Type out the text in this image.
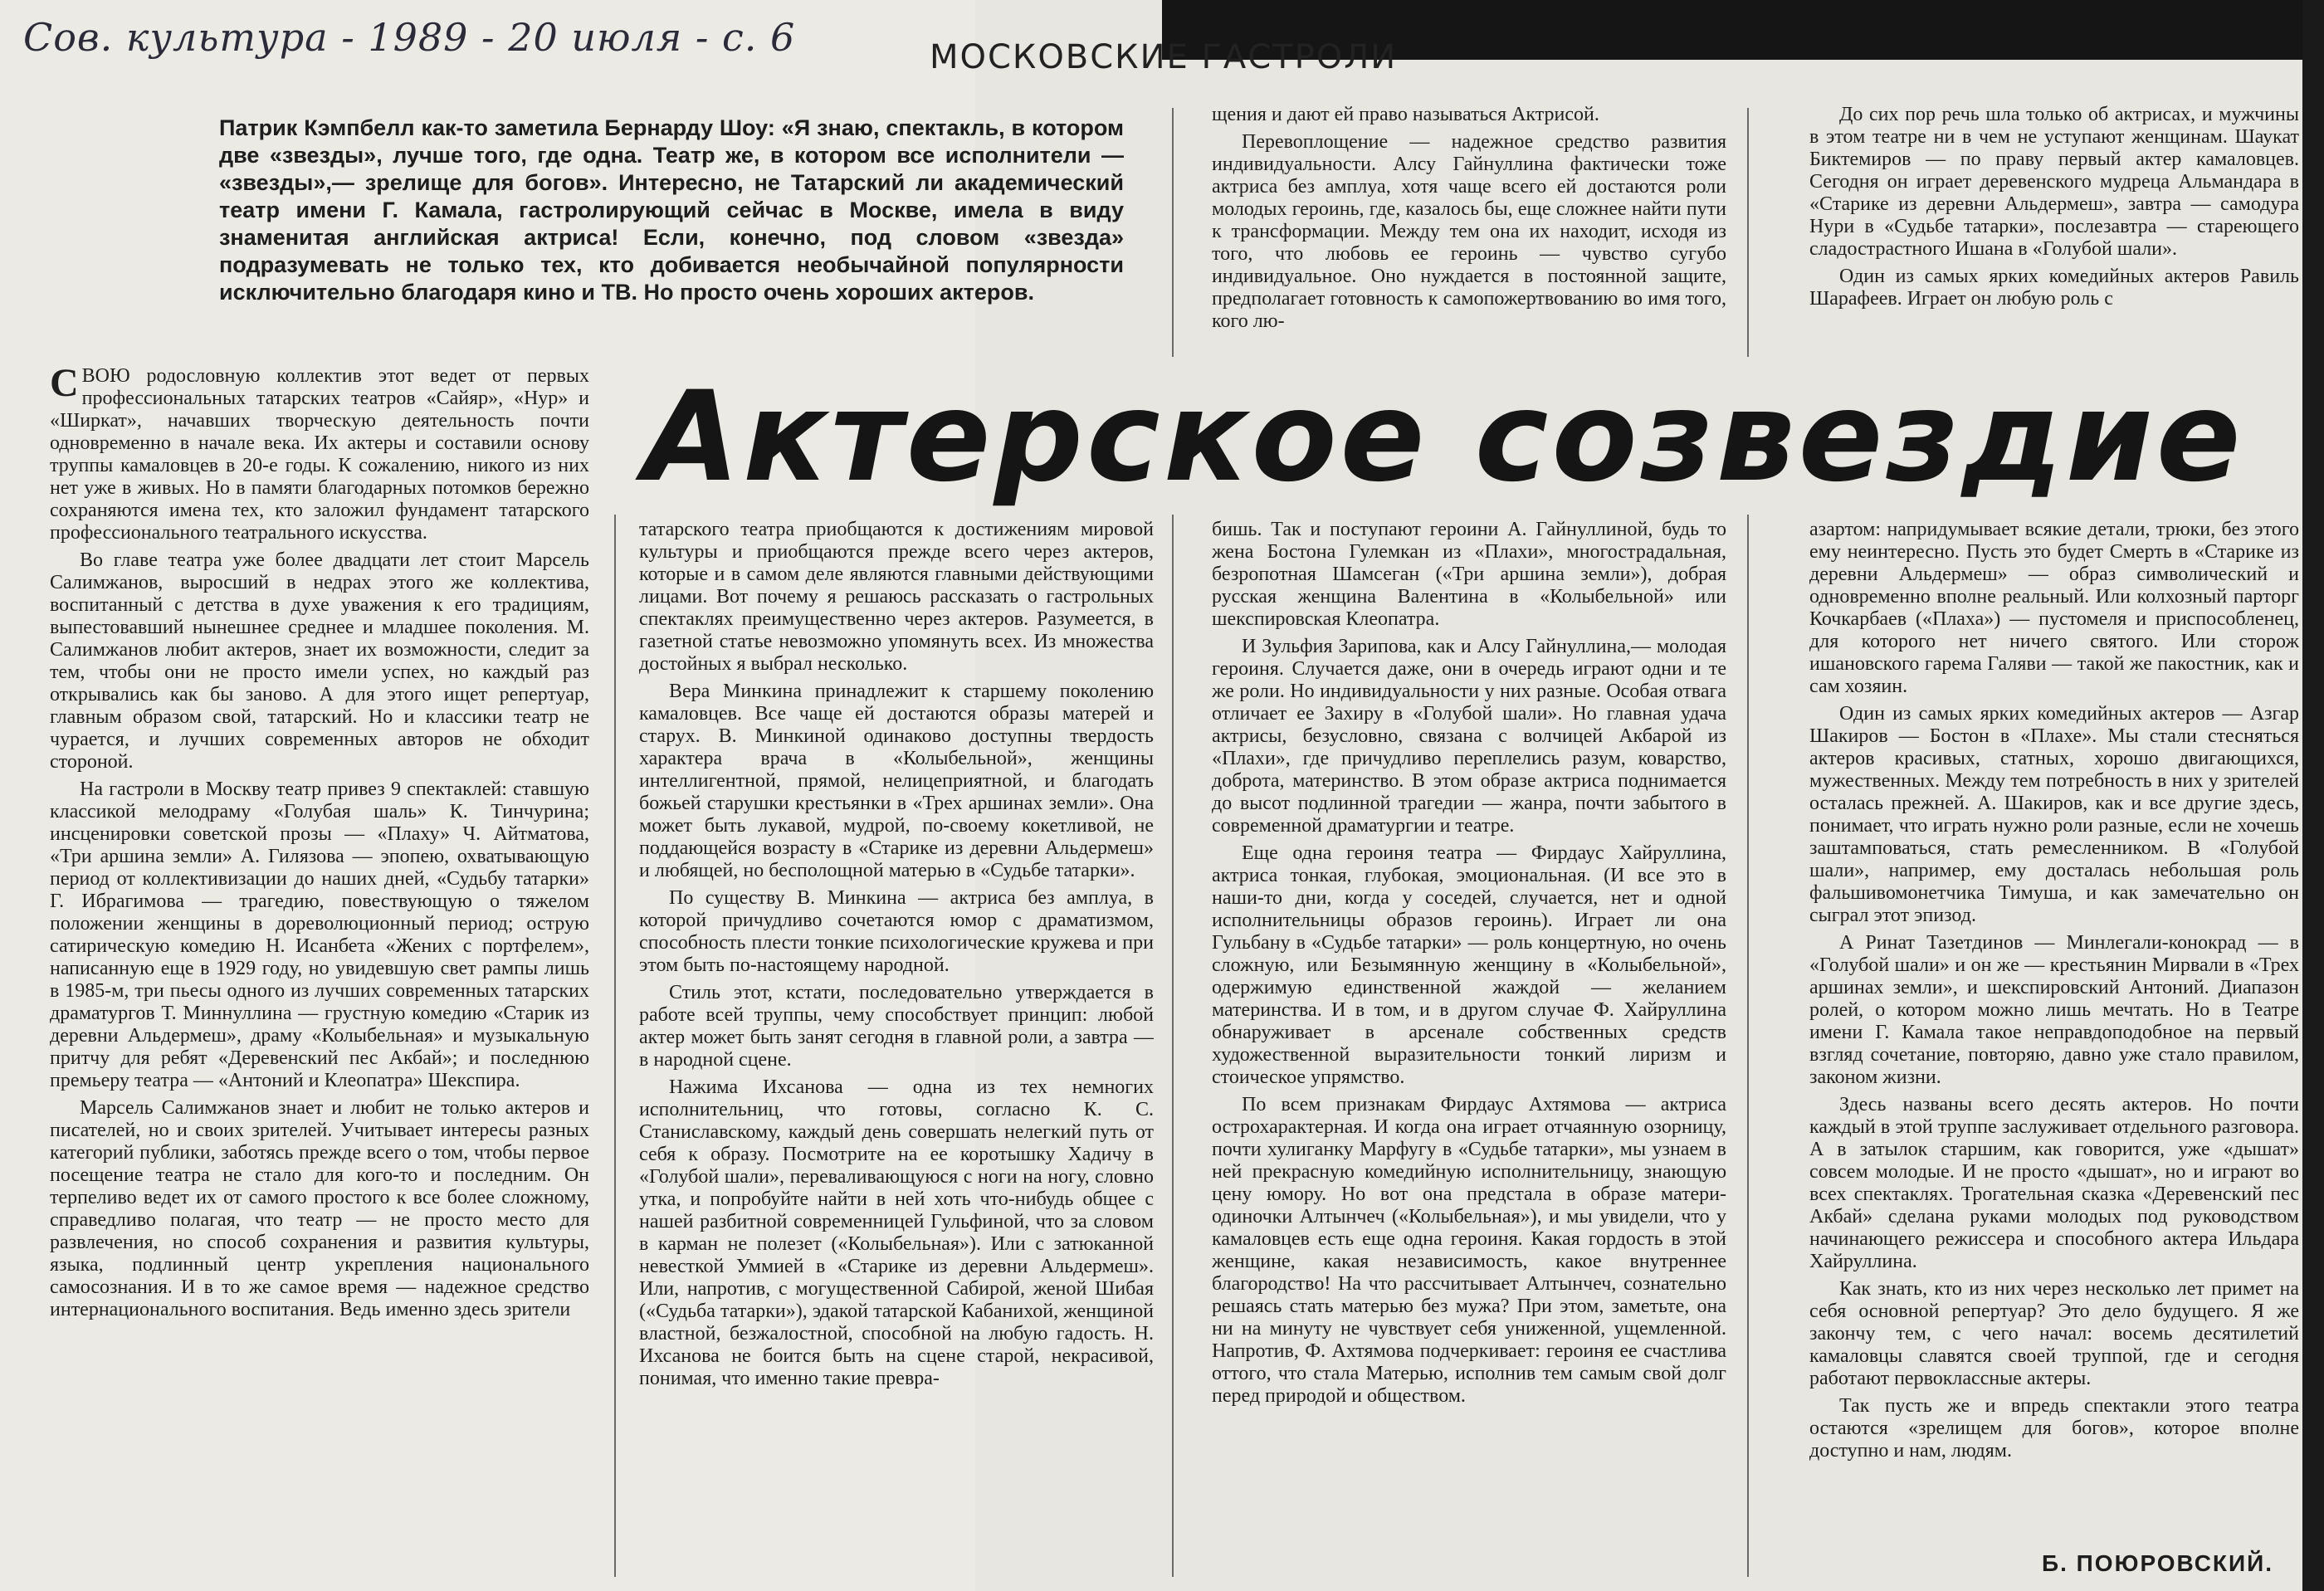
Сов. культура - 1989 - 20 июля - с. 6	МОСКОВСКИЕ ГАСТРОЛИ
Патрик Кэмпбелл как-то заметила Бернарду Шоу: «Я знаю, спектакль, в котором две «звезды», лучше того, где одна. Театр же, в котором все исполнители — «звезды»,— зрелище для богов». Интересно, не Татарский ли академический театр имени Г. Камала, гастролирующий сейчас в Москве, имела в виду знаменитая английская актриса! Если, конечно, под словом «звезда» подразумевать не только тех, кто добивается необычайной популярности исключительно благодаря кино и ТВ. Но просто очень хороших актеров.
Актерское созвездие

СВОЮ родословную коллектив этот ведет от первых профессиональных татарских театров «Сайяр», «Нур» и «Ширкат», начавших творческую деятельность почти одновременно в начале века. Их актеры и составили основу труппы камаловцев в 20-е годы. К сожалению, никого из них нет уже в живых. Но в памяти благодарных потомков бережно сохраняются имена тех, кто заложил фундамент татарского профессионального театрального искусства.

Во главе театра уже более двадцати лет стоит Марсель Салимжанов, выросший в недрах этого же коллектива, воспитанный с детства в духе уважения к его традициям, выпестовавший нынешнее среднее и младшее поколения. М. Салимжанов любит актеров, знает их возможности, следит за тем, чтобы они не просто имели успех, но каждый раз открывались как бы заново. А для этого ищет репертуар, главным образом свой, татарский. Но и классики театр не чурается, и лучших современных авторов не обходит стороной.

На гастроли в Москву театр привез 9 спектаклей: ставшую классикой мелодраму «Голубая шаль» К. Тинчурина; инсценировки советской прозы — «Плаху» Ч. Айтматова, «Три аршина земли» А. Гилязова — эпопею, охватывающую период от коллективизации до наших дней, «Судьбу татарки» Г. Ибрагимова — трагедию, повествующую о тяжелом положении женщины в дореволюционный период; острую сатирическую комедию Н. Исанбета «Жених с портфелем», написанную еще в 1929 году, но увидевшую свет рампы лишь в 1985-м, три пьесы одного из лучших современных татарских драматургов Т. Миннуллина — грустную комедию «Старик из деревни Альдермеш», драму «Колыбельная» и музыкальную притчу для ребят «Деревенский пес Акбай»; и последнюю премьеру театра — «Антоний и Клеопатра» Шекспира.

Марсель Салимжанов знает и любит не только актеров и писателей, но и своих зрителей. Учитывает интересы разных категорий публики, заботясь прежде всего о том, чтобы первое посещение театра не стало для кого-то и последним. Он терпеливо ведет их от самого простого к все более сложному, справедливо полагая, что театр — не просто место для развлечения, но способ сохранения и развития культуры, языка, подлинный центр укрепления национального самосознания. И в то же самое время — надежное средство интернационального воспитания. Ведь именно здесь зрители

татарского театра приобщаются к достижениям мировой культуры и приобщаются прежде всего через актеров, которые и в самом деле являются главными действующими лицами. Вот почему я решаюсь рассказать о гастрольных спектаклях преимущественно через актеров. Разумеется, в газетной статье невозможно упомянуть всех. Из множества достойных я выбрал несколько.

Вера Минкина принадлежит к старшему поколению камаловцев. Все чаще ей достаются образы матерей и старух. В. Минкиной одинаково доступны твердость характера врача в «Колыбельной», женщины интеллигентной, прямой, нелицеприятной, и благодать божьей старушки крестьянки в «Трех аршинах земли». Она может быть лукавой, мудрой, по-своему кокетливой, не поддающейся возрасту в «Старике из деревни Альдермеш» и любящей, но бесполощной матерью в «Судьбе татарки».

По существу В. Минкина — актриса без амплуа, в которой причудливо сочетаются юмор с драматизмом, способность плести тонкие психологические кружева и при этом быть по-настоящему народной.

Стиль этот, кстати, последовательно утверждается в работе всей труппы, чему способствует принцип: любой актер может быть занят сегодня в главной роли, а завтра — в народной сцене.

Нажима Ихсанова — одна из тех немногих исполнительниц, что готовы, согласно К. С. Станиславскому, каждый день совершать нелегкий путь от себя к образу. Посмотрите на ее коротышку Хадичу в «Голубой шали», переваливающуюся с ноги на ногу, словно утка, и попробуйте найти в ней хоть что-нибудь общее с нашей разбитной современницей Гульфиной, что за словом в карман не полезет («Колыбельная»). Или с затюканной невесткой Уммией в «Старике из деревни Альдермеш». Или, напротив, с могущественной Сабирой, женой Шибая («Судьба татарки»), эдакой татарской Кабанихой, женщиной властной, безжалостной, способной на любую гадость. Н. Ихсанова не боится быть на сцене старой, некрасивой, понимая, что именно такие превра-

щения и дают ей право называться Актрисой.

Перевоплощение — надежное средство развития индивидуальности. Алсу Гайнуллина фактически тоже актриса без амплуа, хотя чаще всего ей достаются роли молодых героинь, где, казалось бы, еще сложнее найти пути к трансформации. Между тем она их находит, исходя из того, что любовь ее героинь — чувство сугубо индивидуальное. Оно нуждается в постоянной защите, предполагает готовность к самопожертвованию во имя того, кого лю-

бишь. Так и поступают героини А. Гайнуллиной, будь то жена Бостона Гулемкан из «Плахи», многострадальная, безропотная Шамсеган («Три аршина земли»), добрая русская женщина Валентина в «Колыбельной» или шекспировская Клеопатра.

И Зульфия Зарипова, как и Алсу Гайнуллина,— молодая героиня. Случается даже, они в очередь играют одни и те же роли. Но индивидуальности у них разные. Особая отвага отличает ее Захиру в «Голубой шали». Но главная удача актрисы, безусловно, связана с волчицей Акбарой из «Плахи», где причудливо переплелись разум, коварство, доброта, материнство. В этом образе актриса поднимается до высот подлинной трагедии — жанра, почти забытого в современной драматургии и театре.

Еще одна героиня театра — Фирдаус Хайруллина, актриса тонкая, глубокая, эмоциональная. (И все это в наши-то дни, когда у соседей, случается, нет и одной исполнительницы образов героинь). Играет ли она Гульбану в «Судьбе татарки» — роль концертную, но очень сложную, или Безымянную женщину в «Колыбельной», одержимую единственной жаждой — желанием материнства. И в том, и в другом случае Ф. Хайруллина обнаруживает в арсенале собственных средств художественной выразительности тонкий лиризм и стоическое упрямство.

По всем признакам Фирдаус Ахтямова — актриса острохарактерная. И когда она играет отчаянную озорницу, почти хулиганку Марфугу в «Судьбе татарки», мы узнаем в ней прекрасную комедийную исполнительницу, знающую цену юмору. Но вот она предстала в образе матери-одиночки Алтынчеч («Колыбельная»), и мы увидели, что у камаловцев есть еще одна героиня. Какая гордость в этой женщине, какая независимость, какое внутреннее благородство! На что рассчитывает Алтынчеч, сознательно решаясь стать матерью без мужа? При этом, заметьте, она ни на минуту не чувствует себя униженной, ущемленной. Напротив, Ф. Ахтямова подчеркивает: героиня ее счастлива оттого, что стала Матерью, исполнив тем самым свой долг перед природой и обществом.

До сих пор речь шла только об актрисах, и мужчины в этом театре ни в чем не уступают женщинам. Шаукат Биктемиров — по праву первый актер камаловцев. Сегодня он играет деревенского мудреца Альмандара в «Старике из деревни Альдермеш», завтра — самодура Нури в «Судьбе татарки», послезавтра — стареющего сладострастного Ишана в «Голубой шали».

Один из самых ярких комедийных актеров Равиль Шарафеев. Играет он любую роль с

азартом: напридумывает всякие детали, трюки, без этого ему неинтересно. Пусть это будет Смерть в «Старике из деревни Альдермеш» — образ символический и одновременно вполне реальный. Или колхозный парторг Кочкарбаев («Плаха») — пустомеля и приспособленец, для которого нет ничего святого. Или сторож ишановского гарема Галяви — такой же пакостник, как и сам хозяин.

Один из самых ярких комедийных актеров — Азгар Шакиров — Бостон в «Плахе». Мы стали стесняться актеров красивых, статных, хорошо двигающихся, мужественных. Между тем потребность в них у зрителей осталась прежней. А. Шакиров, как и все другие здесь, понимает, что играть нужно роли разные, если не хочешь заштамповаться, стать ремесленником. В «Голубой шали», например, ему досталась небольшая роль фальшивомонетчика Тимуша, и как замечательно он сыграл этот эпизод.

А Ринат Тазетдинов — Минлегали-конокрад — в «Голубой шали» и он же — крестьянин Мирвали в «Трех аршинах земли», и шекспировский Антоний. Диапазон ролей, о котором можно лишь мечтать. Но в Театре имени Г. Камала такое неправдоподобное на первый взгляд сочетание, повторяю, давно уже стало правилом, законом жизни.

Здесь названы всего десять актеров. Но почти каждый в этой труппе заслуживает отдельного разговора. А в затылок старшим, как говорится, уже «дышат» совсем молодые. И не просто «дышат», но и играют во всех спектаклях. Трогательная сказка «Деревенский пес Акбай» сделана руками молодых под руководством начинающего режиссера и способного актера Ильдара Хайруллина.

Как знать, кто из них через несколько лет примет на себя основной репертуар? Это дело будущего. Я же закончу тем, с чего начал: восемь десятилетий камаловцы славятся своей труппой, где и сегодня работают первоклассные актеры.

Так пусть же и впредь спектакли этого театра остаются «зрелищем для богов», которое вполне доступно и нам, людям.

Б. ПОЮРОВСКИЙ.
